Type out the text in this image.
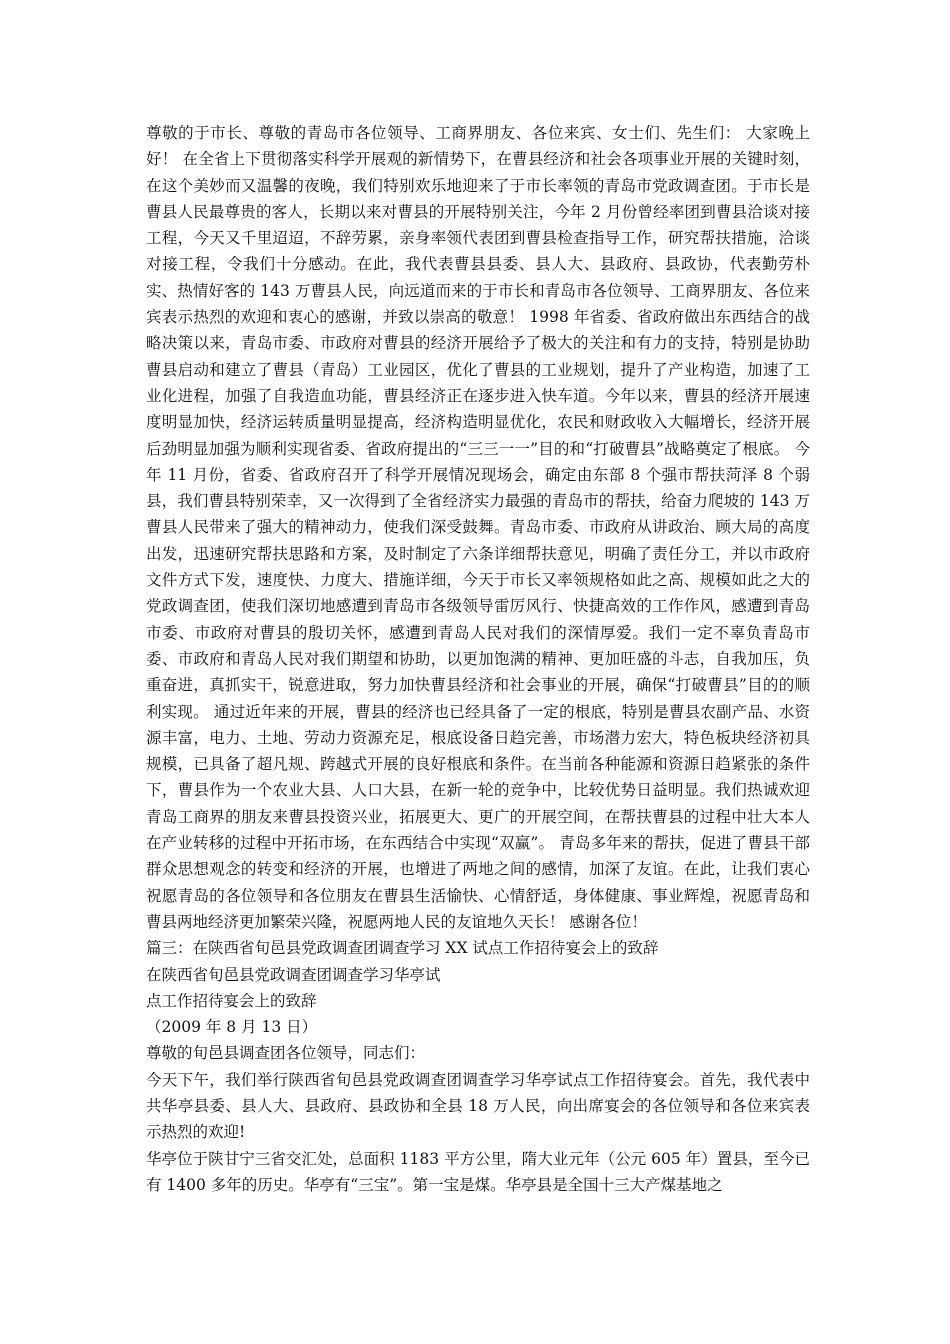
尊敬的于市长、尊敬的青岛市各位领导、工商界朋友、各位来宾、女士们、先生们： 大家晚上好！ 在全省上下贯彻落实科学开展观的新情势下，在曹县经济和社会各项事业开展的关键时刻，在这个美妙而又温馨的夜晚，我们特别欢乐地迎来了于市长率领的青岛市党政调查团。于市长是曹县人民最尊贵的客人，长期以来对曹县的开展特别关注，今年 2 月份曾经率团到曹县洽谈对接工程，今天又千里迢迢，不辞劳累，亲身率领代表团到曹县检查指导工作，研究帮扶措施，洽谈对接工程，令我们十分感动。在此，我代表曹县县委、县人大、县政府、县政协，代表勤劳朴实、热情好客的 143 万曹县人民，向远道而来的于市长和青岛市各位领导、工商界朋友、各位来宾表示热烈的欢迎和衷心的感谢，并致以崇高的敬意！ 1998 年省委、省政府做出东西结合的战略决策以来，青岛市委、市政府对曹县的经济开展给予了极大的关注和有力的支持，特别是协助曹县启动和建立了曹县（青岛）工业园区，优化了曹县的工业规划，提升了产业构造，加速了工业化进程，加强了自我造血功能，曹县经济正在逐步进入快车道。今年以来，曹县的经济开展速度明显加快，经济运转质量明显提高，经济构造明显优化，农民和财政收入大幅增长，经济开展后劲明显加强为顺利实现省委、省政府提出的“三三一一”目的和“打破曹县”战略奠定了根底。 今年 11 月份，省委、省政府召开了科学开展情况现场会，确定由东部 8 个强市帮扶菏泽 8 个弱县，我们曹县特别荣幸，又一次得到了全省经济实力最强的青岛市的帮扶，给奋力爬坡的 143 万曹县人民带来了强大的精神动力，使我们深受鼓舞。青岛市委、市政府从讲政治、顾大局的高度出发，迅速研究帮扶思路和方案，及时制定了六条详细帮扶意见，明确了责任分工，并以市政府文件方式下发，速度快、力度大、措施详细，今天于市长又率领规格如此之高、规模如此之大的党政调查团，使我们深切地感遭到青岛市各级领导雷厉风行、快捷高效的工作作风，感遭到青岛市委、市政府对曹县的殷切关怀，感遭到青岛人民对我们的深情厚爱。我们一定不辜负青岛市委、市政府和青岛人民对我们期望和协助，以更加饱满的精神、更加旺盛的斗志，自我加压，负重奋进，真抓实干，锐意进取，努力加快曹县经济和社会事业的开展，确保“打破曹县”目的的顺利实现。 通过近年来的开展，曹县的经济也已经具备了一定的根底，特别是曹县农副产品、水资源丰富，电力、土地、劳动力资源充足，根底设备日趋完善，市场潜力宏大，特色板块经济初具规模，已具备了超凡规、跨越式开展的良好根底和条件。在当前各种能源和资源日趋紧张的条件下，曹县作为一个农业大县、人口大县，在新一轮的竞争中，比较优势日益明显。我们热诚欢迎青岛工商界的朋友来曹县投资兴业，拓展更大、更广的开展空间，在帮扶曹县的过程中壮大本人在产业转移的过程中开拓市场，在东西结合中实现“双赢”。 青岛多年来的帮扶，促进了曹县干部群众思想观念的转变和经济的开展，也增进了两地之间的感情，加深了友谊。在此，让我们衷心祝愿青岛的各位领导和各位朋友在曹县生活愉快、心情舒适，身体健康、事业辉煌，祝愿青岛和曹县两地经济更加繁荣兴隆，祝愿两地人民的友谊地久天长！ 感谢各位！

篇三：在陕西省旬邑县党政调查团调查学习 XX 试点工作招待宴会上的致辞

在陕西省旬邑县党政调查团调查学习华亭试

点工作招待宴会上的致辞

（2009 年 8 月 13 日）

尊敬的旬邑县调查团各位领导，同志们：

今天下午，我们举行陕西省旬邑县党政调查团调查学习华亭试点工作招待宴会。首先，我代表中共华亭县委、县人大、县政府、县政协和全县 18 万人民，向出席宴会的各位领导和各位来宾表示热烈的欢迎!

华亭位于陕甘宁三省交汇处，总面积 1183 平方公里，隋大业元年（公元 605 年）置县，至今已有 1400 多年的历史。华亭有“三宝”。第一宝是煤。华亭县是全国十三大产煤基地之
